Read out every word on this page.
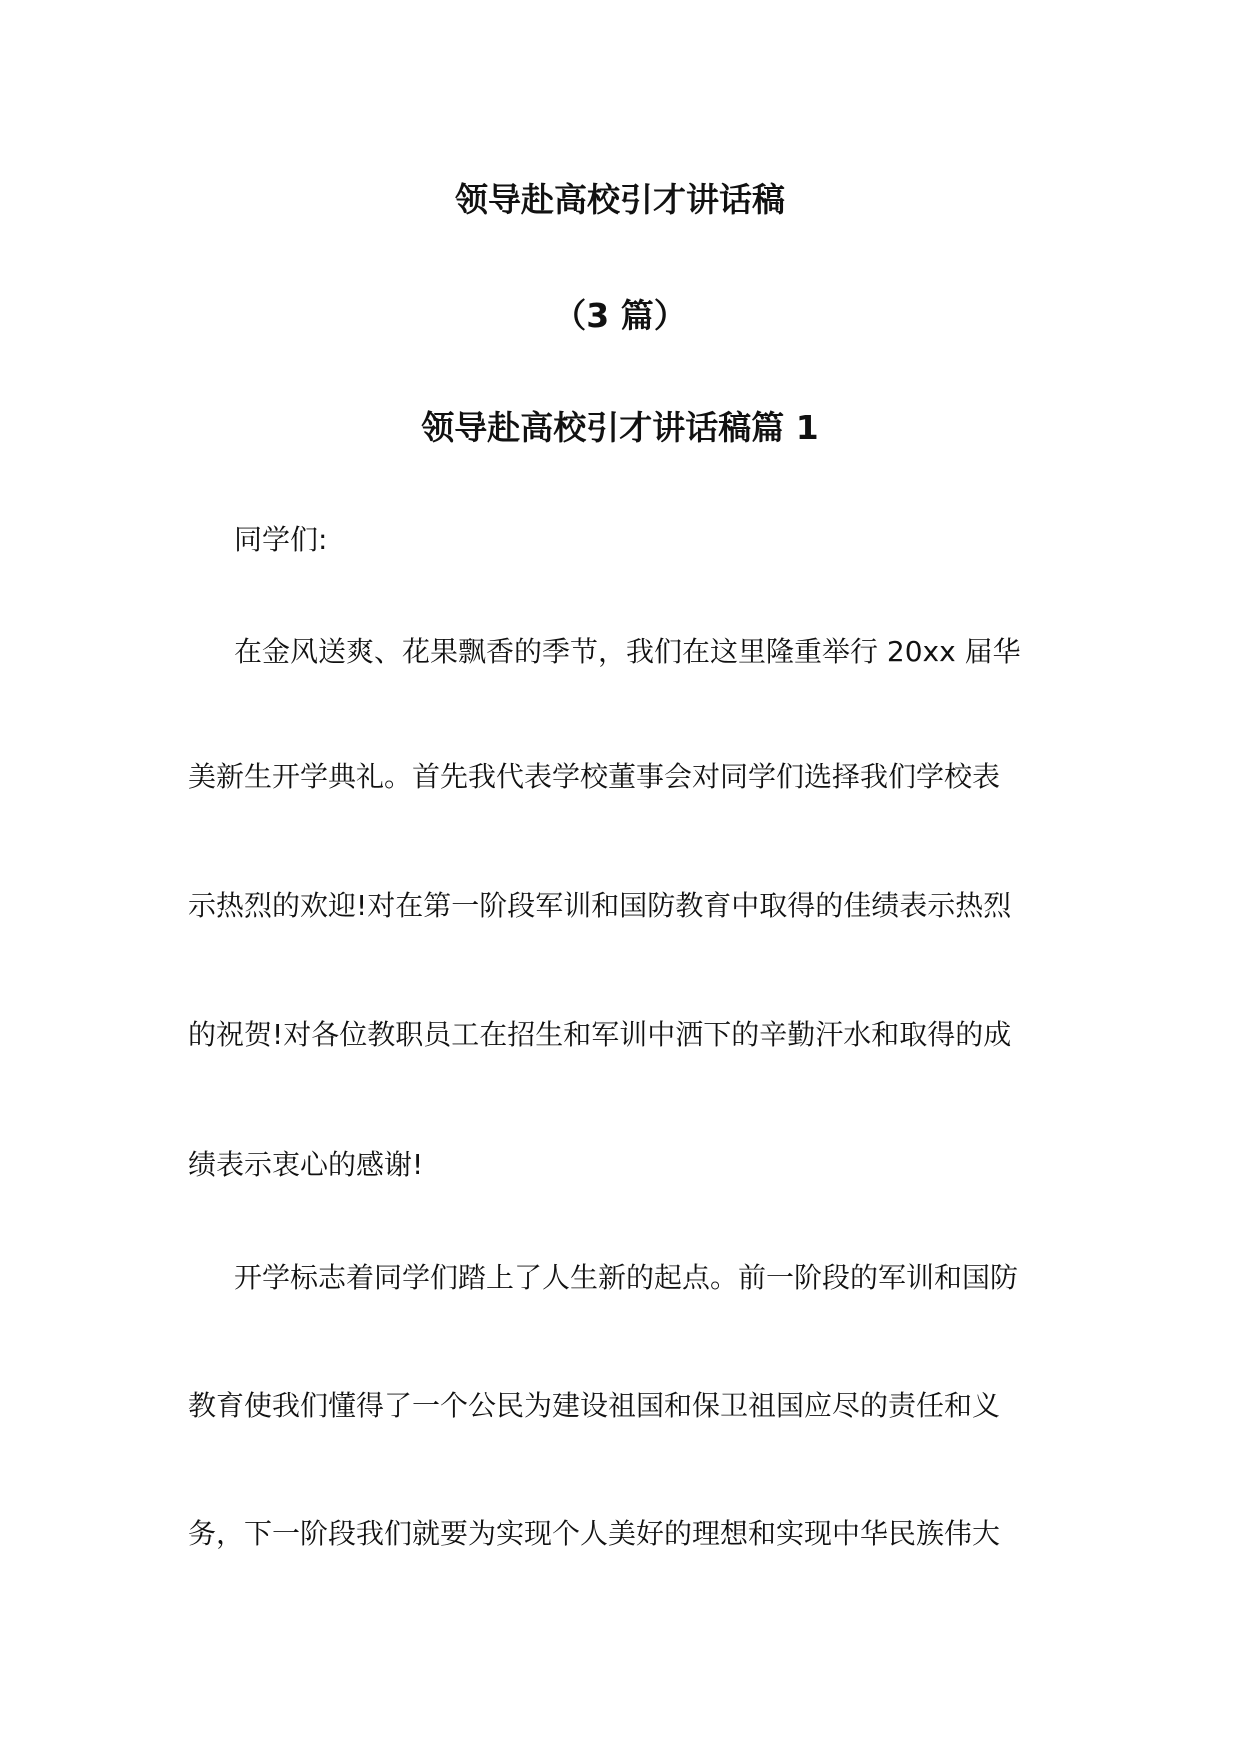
领导赴高校引才讲话稿
（3 篇）
领导赴高校引才讲话稿篇 1
同学们:
在金风送爽、花果飘香的季节，我们在这里隆重举行 20xx 届华
美新生开学典礼。首先我代表学校董事会对同学们选择我们学校表
示热烈的欢迎!对在第一阶段军训和国防教育中取得的佳绩表示热烈
的祝贺!对各位教职员工在招生和军训中洒下的辛勤汗水和取得的成
绩表示衷心的感谢!
开学标志着同学们踏上了人生新的起点。前一阶段的军训和国防
教育使我们懂得了一个公民为建设祖国和保卫祖国应尽的责任和义
务，下一阶段我们就要为实现个人美好的理想和实现中华民族伟大
